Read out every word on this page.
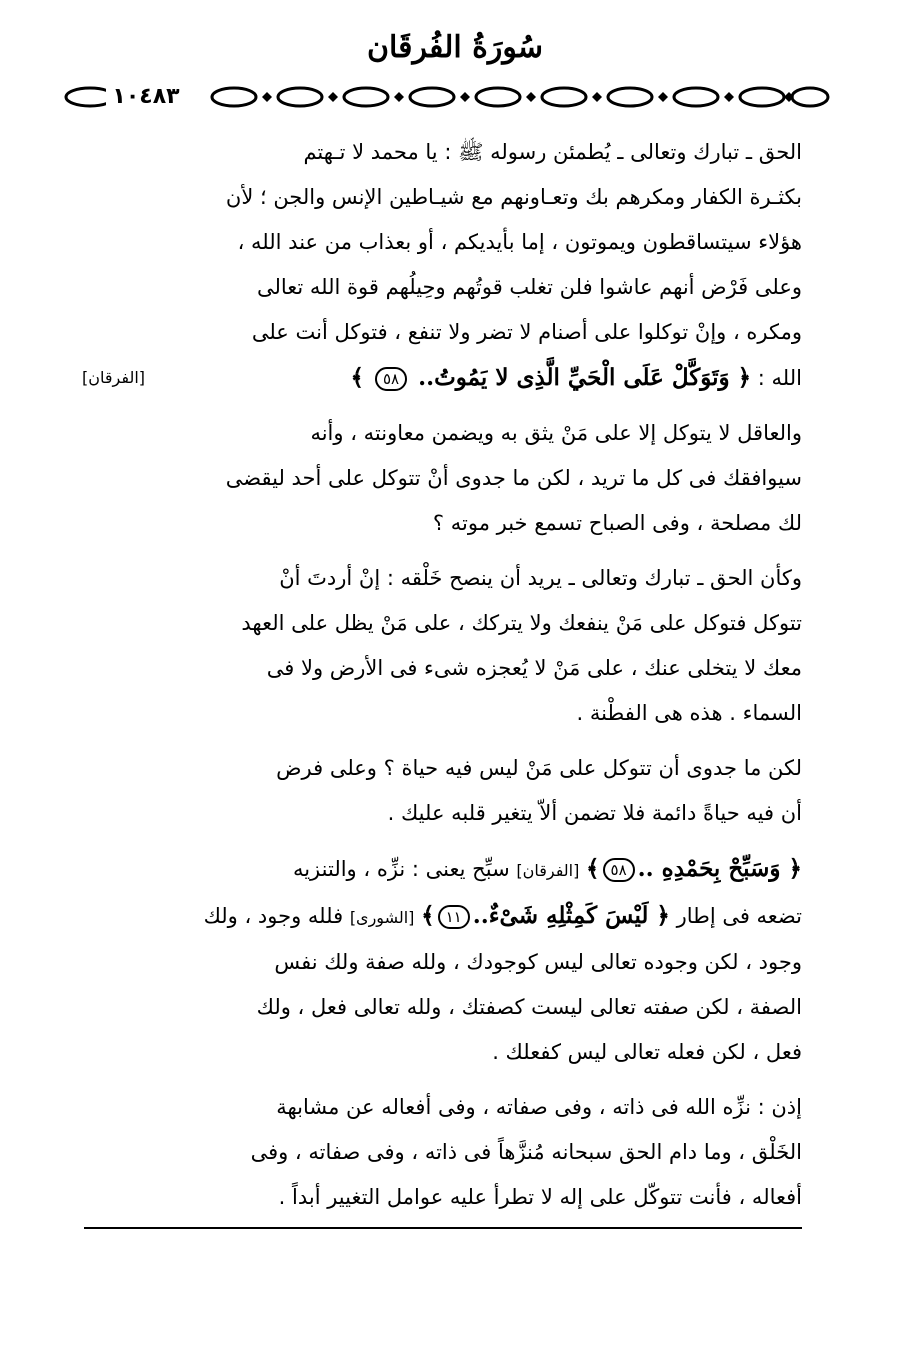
سُورَةُ الفُرقَان
١٠٤٨٣

الحق ـ تبارك وتعالى ـ يُطمئن رسوله ﷺ : يا محمد لا تـهتم

بكثـرة الكفار ومكرهم بك وتعـاونهم مع شيـاطين الإنس والجن ؛ لأن

هؤلاء سيتساقطون ويموتون ، إما بأيديكم ، أو بعذاب من عند الله ،

وعلى فَرْض أنهم عاشوا فلن تغلب قوتُهم وحِيلُهم قوة الله تعالى

ومكره ، وإنْ توكلوا على أصنام لا تضر ولا تنفع ، فتوكل أنت على

الله : ﴿ وَتَوَكَّلْ عَلَى الْحَيِّ الَّذِى لا يَمُوتُ.. ٥٨ ﴾
[الفرقان]

والعاقل لا يتوكل إلا على مَنْ يثق به ويضمن معاونته ، وأنه

سيوافقك فى كل ما تريد ، لكن ما جدوى أنْ تتوكل على أحد ليقضى

لك مصلحة ، وفى الصباح تسمع خبر موته ؟

وكأن الحق ـ تبارك وتعالى ـ يريد أن ينصح خَلْقه : إنْ أردتَ أنْ

تتوكل فتوكل على مَنْ ينفعك ولا يتركك ، على مَنْ يظل على العهد

معك لا يتخلى عنك ، على مَنْ لا يُعجزه شىء فى الأرض ولا فى

السماء . هذه هى الفطْنة .

لكن ما جدوى أن تتوكل على مَنْ ليس فيه حياة ؟ وعلى فرض

أن فيه حياةً دائمة فلا تضمن ألاّ يتغير قلبه عليك .

﴿ وَسَبِّحْ بِحَمْدِهِ ..٥٨﴾ [الفرقان] سبِّح يعنى : نزِّه ، والتنزيه

تضعه فى إطار ﴿ لَيْسَ كَمِثْلِهِ شَىْءٌ..١١﴾ [الشورى] فلله وجود ، ولك

وجود ، لكن وجوده تعالى ليس كوجودك ، ولله صفة ولك نفس

الصفة ، لكن صفته تعالى ليست كصفتك ، ولله تعالى فعل ، ولك

فعل ، لكن فعله تعالى ليس كفعلك .

إذن : نزِّه الله فى ذاته ، وفى صفاته ، وفى أفعاله عن مشابهة

الخَلْق ، وما دام الحق سبحانه مُنزَّهاً فى ذاته ، وفى صفاته ، وفى

أفعاله ، فأنت تتوكّل على إله لا تطرأ عليه عوامل التغيير أبداً .
